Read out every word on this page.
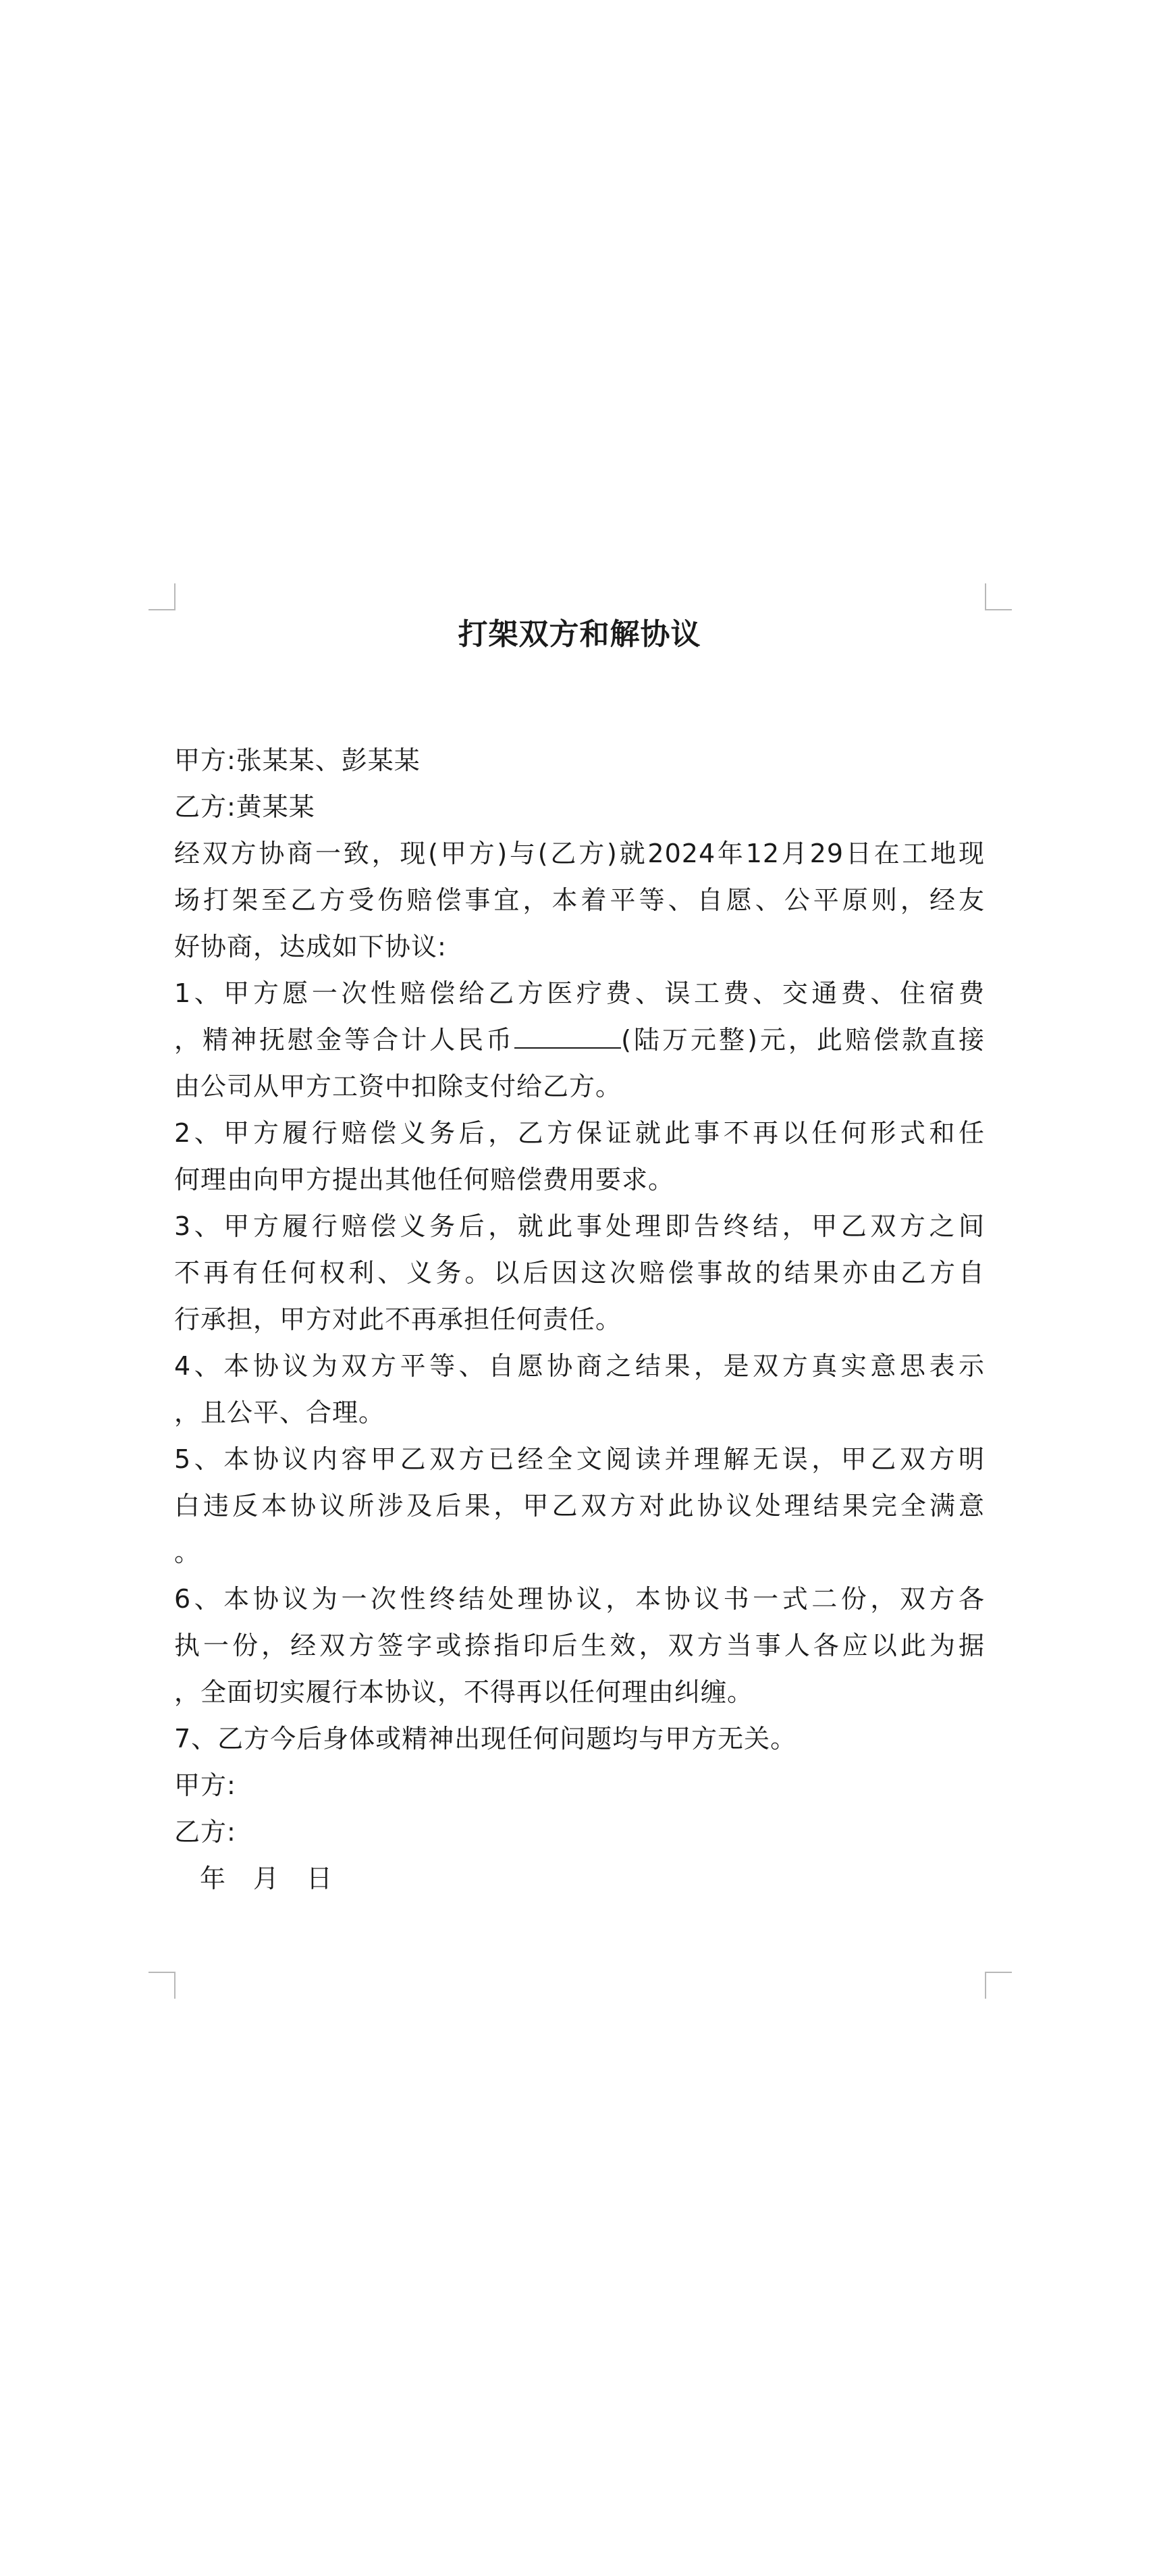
打架双方和解协议
甲方:张某某、彭某某
乙方:黄某某
经双方协商一致，现(甲方)与(乙方)就2024年12月29日在工地现
场打架至乙方受伤赔偿事宜，本着平等、自愿、公平原则，经友
好协商，达成如下协议:
1、甲方愿一次性赔偿给乙方医疗费、误工费、交通费、住宿费
，精神抚慰金等合计人民币	(陆万元整)元，此赔偿款直接
由公司从甲方工资中扣除支付给乙方。
2、甲方履行赔偿义务后，乙方保证就此事不再以任何形式和任
何理由向甲方提出其他任何赔偿费用要求。
3、甲方履行赔偿义务后，就此事处理即告终结，甲乙双方之间
不再有任何权利、义务。以后因这次赔偿事故的结果亦由乙方自
行承担，甲方对此不再承担任何责任。
4、本协议为双方平等、自愿协商之结果，是双方真实意思表示
，且公平、合理。
5、本协议内容甲乙双方已经全文阅读并理解无误，甲乙双方明
白违反本协议所涉及后果，甲乙双方对此协议处理结果完全满意
。
6、本协议为一次性终结处理协议，本协议书一式二份，双方各
执一份，经双方签字或捺指印后生效，双方当事人各应以此为据
，全面切实履行本协议，不得再以任何理由纠缠。
7、乙方今后身体或精神出现任何问题均与甲方无关。
甲方:
乙方:
年 月 日
